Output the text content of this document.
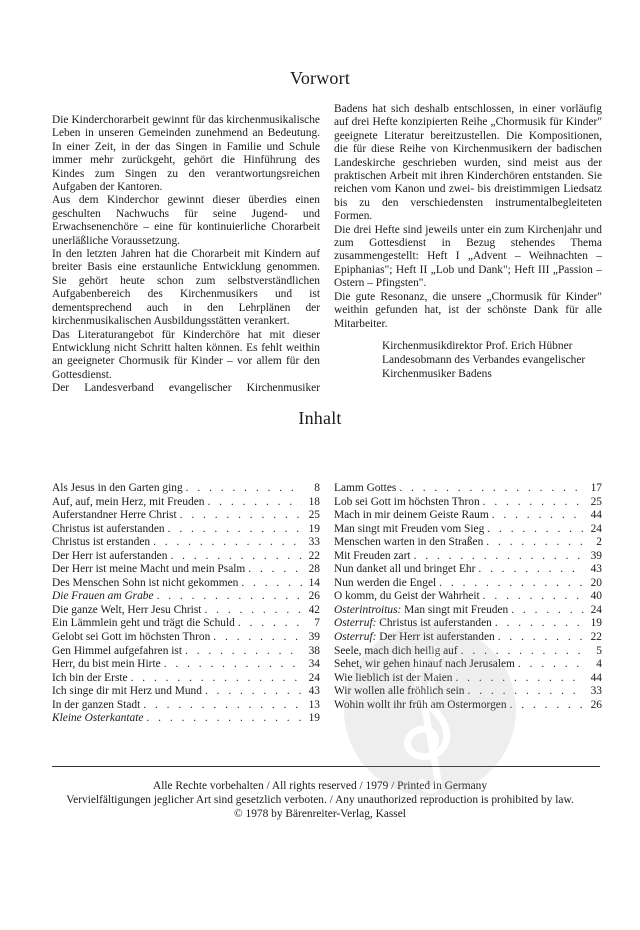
Vorwort

Die Kinderchorarbeit gewinnt für das kirchenmusikalische Leben in unseren Gemeinden zunehmend an Bedeutung. In einer Zeit, in der das Singen in Familie und Schule immer mehr zurückgeht, gehört die Hinführung des Kindes zum Singen zu den verantwortungsreichen Aufgaben der Kantoren.

Aus dem Kinderchor gewinnt dieser überdies einen geschulten Nachwuchs für seine Jugend- und Erwachsenenchöre – eine für kontinuierliche Chorarbeit unerläßliche Voraussetzung.

In den letzten Jahren hat die Chorarbeit mit Kindern auf breiter Basis eine erstaunliche Entwicklung genommen. Sie gehört heute schon zum selbstverständlichen Aufgabenbereich des Kirchenmusikers und ist dementsprechend auch in den Lehrplänen der kirchenmusikalischen Ausbildungsstätten verankert.

Das Literaturangebot für Kinderchöre hat mit dieser Entwicklung nicht Schritt halten können. Es fehlt weithin an geeigneter Chormusik für Kinder – vor allem für den Gottesdienst.

Der Landesverband evangelischer Kirchenmusiker

Badens hat sich deshalb entschlossen, in einer vorläufig auf drei Hefte konzipierten Reihe „Chormusik für Kinder" geeignete Literatur bereitzustellen. Die Kompositionen, die für diese Reihe von Kirchenmusikern der badischen Landeskirche geschrieben wurden, sind meist aus der praktischen Arbeit mit ihren Kinderchören entstanden. Sie reichen vom Kanon und zwei- bis dreistimmigen Liedsatz bis zu den verschiedensten instrumentalbegleiteten Formen.

Die drei Hefte sind jeweils unter ein zum Kirchenjahr und zum Gottesdienst in Bezug stehendes Thema zusammengestellt: Heft I „Advent – Weihnachten – Epiphanias"; Heft II „Lob und Dank"; Heft III „Passion – Ostern – Pfingsten".

Die gute Resonanz, die unsere „Chormusik für Kinder" weithin gefunden hat, ist der schönste Dank für alle Mitarbeiter.

Kirchenmusikdirektor Prof. Erich Hübner
Landesobmann des Verbandes evangelischer
Kirchenmusiker Badens
Inhalt
Als Jesus in den Garten ging . . .	8
Auf, auf, mein Herz, mit Freuden . . .	18
Auferstandner Herre Christ . . .	25
Christus ist auferstanden . . .	19
Christus ist erstanden . . .	33
Der Herr ist auferstanden . . .	22
Der Herr ist meine Macht und mein Psalm . . .	28
Des Menschen Sohn ist nicht gekommen . . .	14
Die Frauen am Grabe . . .	26
Die ganze Welt, Herr Jesu Christ . . .	42
Ein Lämmlein geht und trägt die Schuld . . .	7
Gelobt sei Gott im höchsten Thron . . .	39
Gen Himmel aufgefahren ist . . .	38
Herr, du bist mein Hirte . . .	34
Ich bin der Erste . . .	24
Ich singe dir mit Herz und Mund . . .	43
In der ganzen Stadt . . .	13
Kleine Osterkantate . . .	19
Lamm Gottes . . .	17
Lob sei Gott im höchsten Thron . . .	25
Mach in mir deinem Geiste Raum . . .	44
Man singt mit Freuden vom Sieg . . .	24
Menschen warten in den Straßen . . .	2
Mit Freuden zart . . .	39
Nun danket all und bringet Ehr . . .	43
Nun werden die Engel . . .	20
O komm, du Geist der Wahrheit . . .	40
Osterintroitus: Man singt mit Freuden . . .	24
Osterruf: Christus ist auferstanden . . .	19
Osterruf: Der Herr ist auferstanden . . .	22
Seele, mach dich heilig auf . . .	5
Sehet, wir gehen hinauf nach Jerusalem . . .	4
Wie lieblich ist der Maien . . .	44
Wir wollen alle fröhlich sein . . .	33
Wohin wollt ihr früh am Ostermorgen . . .	26
Alle Rechte vorbehalten / All rights reserved / 1979 / Printed in Germany
Vervielfältigungen jeglicher Art sind gesetzlich verboten. / Any unauthorized reproduction is prohibited by law.
© 1978 by Bärenreiter-Verlag, Kassel
